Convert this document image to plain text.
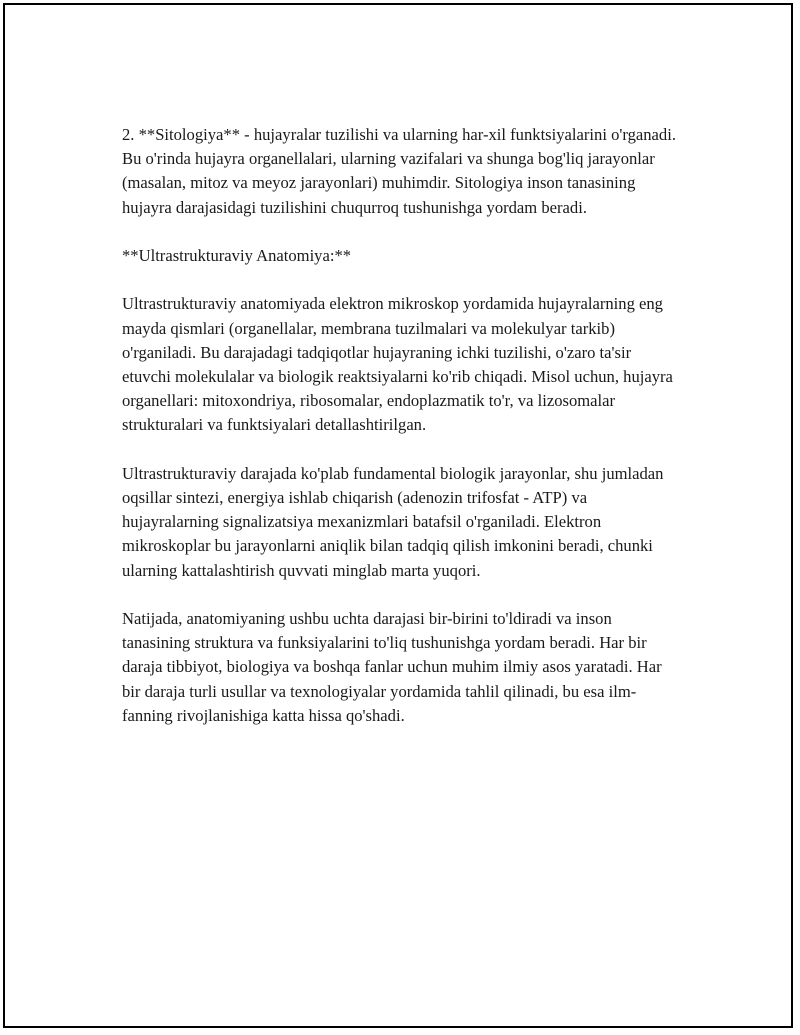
2. **Sitologiya** - hujayralar tuzilishi va ularning har-xil funktsiyalarini o'rganadi. Bu o'rinda hujayra organellalari, ularning vazifalari va shunga bog'liq jarayonlar (masalan, mitoz va meyoz jarayonlari) muhimdir. Sitologiya inson tanasining hujayra darajasidagi tuzilishini chuqurroq tushunishga yordam beradi.

**Ultrastrukturaviy Anatomiya:**

Ultrastrukturaviy anatomiyada elektron mikroskop yordamida hujayralarning eng mayda qismlari (organellalar, membrana tuzilmalari va molekulyar tarkib) o'rganiladi. Bu darajadagi tadqiqotlar hujayraning ichki tuzilishi, o'zaro ta'sir etuvchi molekulalar va biologik reaktsiyalarni ko'rib chiqadi. Misol uchun, hujayra organellari: mitoxondriya, ribosomalar, endoplazmatik to'r, va lizosomalar strukturalari va funktsiyalari detallashtirilgan.

Ultrastrukturaviy darajada ko'plab fundamental biologik jarayonlar, shu jumladan oqsillar sintezi, energiya ishlab chiqarish (adenozin trifosfat - ATP) va hujayralarning signalizatsiya mexanizmlari batafsil o'rganiladi. Elektron mikroskoplar bu jarayonlarni aniqlik bilan tadqiq qilish imkonini beradi, chunki ularning kattalashtirish quvvati minglab marta yuqori.

Natijada, anatomiyaning ushbu uchta darajasi bir-birini to'ldiradi va inson tanasining struktura va funksiyalarini to'liq tushunishga yordam beradi. Har bir daraja tibbiyot, biologiya va boshqa fanlar uchun muhim ilmiy asos yaratadi. Har bir daraja turli usullar va texnologiyalar yordamida tahlil qilinadi, bu esa ilm-fanning rivojlanishiga katta hissa qo'shadi.
